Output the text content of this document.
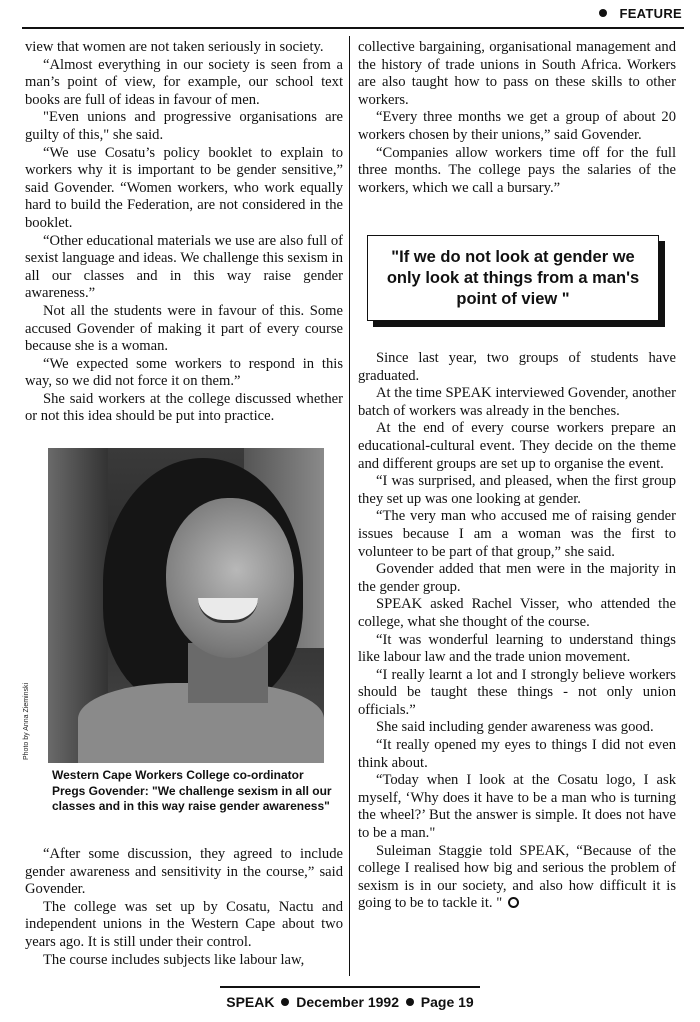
FEATURE

view that women are not taken seriously in society.

“Almost everything in our society is seen from a man’s point of view, for example, our school text books are full of ideas in favour of men.

"Even unions and progressive organisations are guilty of this," she said.

“We use Cosatu’s policy booklet to explain to workers why it is important to be gender sensitive,” said Govender. “Women workers, who work equally hard to build the Federation, are not considered in the booklet.

“Other educational materials we use are also full of sexist language and ideas. We challenge this sexism in all our classes and in this way raise gender awareness.”

Not all the students were in favour of this. Some accused Govender of making it part of every course because she is a woman.

“We expected some workers to respond in this way, so we did not force it on them.”

She said workers at the college discussed whether or not this idea should be put into practice.

Photo by Anna Zieminski
Western Cape Workers College co-ordinator Pregs Govender: "We challenge sexism in all our classes and in this way raise gender awareness"

“After some discussion, they agreed to include gender awareness and sensitivity in the course,” said Govender.

The college was set up by Cosatu, Nactu and independent unions in the Western Cape about two years ago. It is still under their control.

The course includes subjects like labour law,

collective bargaining, organisational management and the history of trade unions in South Africa. Workers are also taught how to pass on these skills to other workers.

“Every three months we get a group of about 20 workers chosen by their unions,” said Govender.

“Companies allow workers time off for the full three months. The college pays the salaries of the workers, which we call a bursary.”

"If we do not look at gender we only look at things from a man's point of view "

Since last year, two groups of students have graduated.

At the time SPEAK interviewed Govender, another batch of workers was already in the benches.

At the end of every course workers prepare an educational-cultural event. They decide on the theme and different groups are set up to organise the event.

“I was surprised, and pleased, when the first group they set up was one looking at gender.

“The very man who accused me of raising gender issues because I am a woman was the first to volunteer to be part of that group,” she said.

Govender added that men were in the majority in the gender group.

SPEAK asked Rachel Visser, who attended the college, what she thought of the course.

“It was wonderful learning to understand things like labour law and the trade union movement.

“I really learnt a lot and I strongly believe workers should be taught these things - not only union officials.”

She said including gender awareness was good.

“It really opened my eyes to things I did not even think about.

“Today when I look at the Cosatu logo, I ask myself, ‘Why does it have to be a man who is turning the wheel?’ But the answer is simple. It does not have to be a man."

Suleiman Staggie told SPEAK, “Because of the college I realised how big and serious the problem of sexism is in our society, and also how difficult it is going to be to tackle it. "

SPEAK December 1992 Page 19
